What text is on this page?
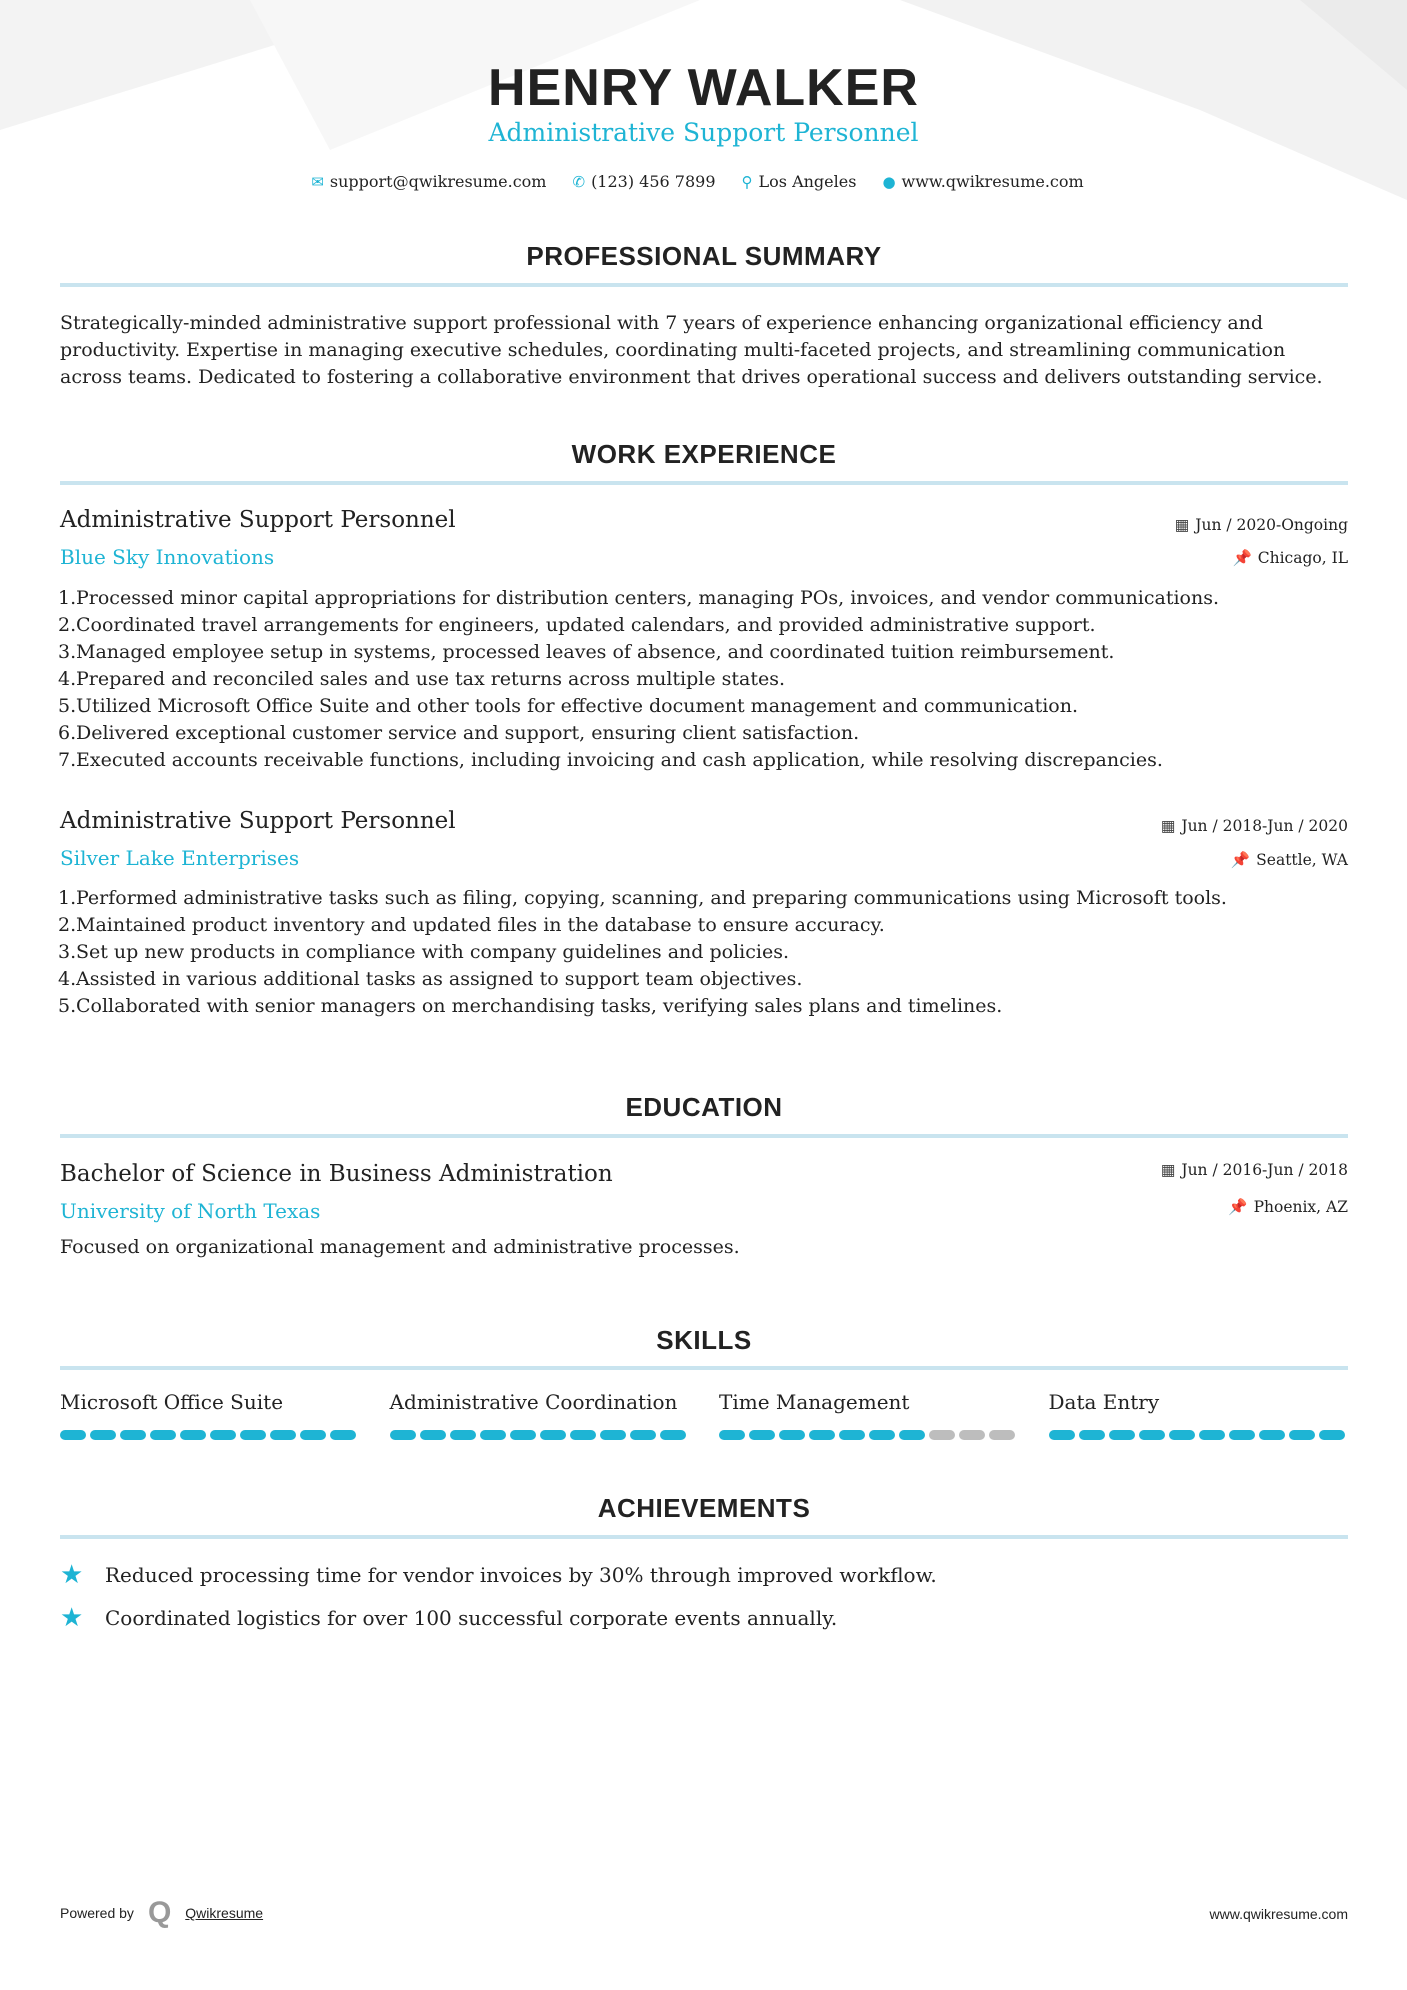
HENRY WALKER
Administrative Support Personnel
✉ support@qwikresume.com ✆ (123) 456 7899 ⚲ Los Angeles ● www.qwikresume.com
PROFESSIONAL SUMMARY
Strategically-minded administrative support professional with 7 years of experience enhancing organizational efficiency and productivity. Expertise in managing executive schedules, coordinating multi-faceted projects, and streamlining communication across teams. Dedicated to fostering a collaborative environment that drives operational success and delivers outstanding service.
WORK EXPERIENCE
Administrative Support Personnel
Blue Sky Innovations
▦ Jun / 2020-Ongoing
📌 Chicago, IL
1.Processed minor capital appropriations for distribution centers, managing POs, invoices, and vendor communications.
2.Coordinated travel arrangements for engineers, updated calendars, and provided administrative support.
3.Managed employee setup in systems, processed leaves of absence, and coordinated tuition reimbursement.
4.Prepared and reconciled sales and use tax returns across multiple states.
5.Utilized Microsoft Office Suite and other tools for effective document management and communication.
6.Delivered exceptional customer service and support, ensuring client satisfaction.
7.Executed accounts receivable functions, including invoicing and cash application, while resolving discrepancies.
Administrative Support Personnel
Silver Lake Enterprises
▦ Jun / 2018-Jun / 2020
📌 Seattle, WA
1.Performed administrative tasks such as filing, copying, scanning, and preparing communications using Microsoft tools.
2.Maintained product inventory and updated files in the database to ensure accuracy.
3.Set up new products in compliance with company guidelines and policies.
4.Assisted in various additional tasks as assigned to support team objectives.
5.Collaborated with senior managers on merchandising tasks, verifying sales plans and timelines.
EDUCATION
Bachelor of Science in Business Administration
University of North Texas
▦ Jun / 2016-Jun / 2018
📌 Phoenix, AZ
Focused on organizational management and administrative processes.
SKILLS
Microsoft Office Suite	Administrative Coordination	Time Management	Data Entry
ACHIEVEMENTS
★	Reduced processing time for vendor invoices by 30% through improved workflow.
★	Coordinated logistics for over 100 successful corporate events annually.
Powered by Q Qwikresume	www.qwikresume.com
